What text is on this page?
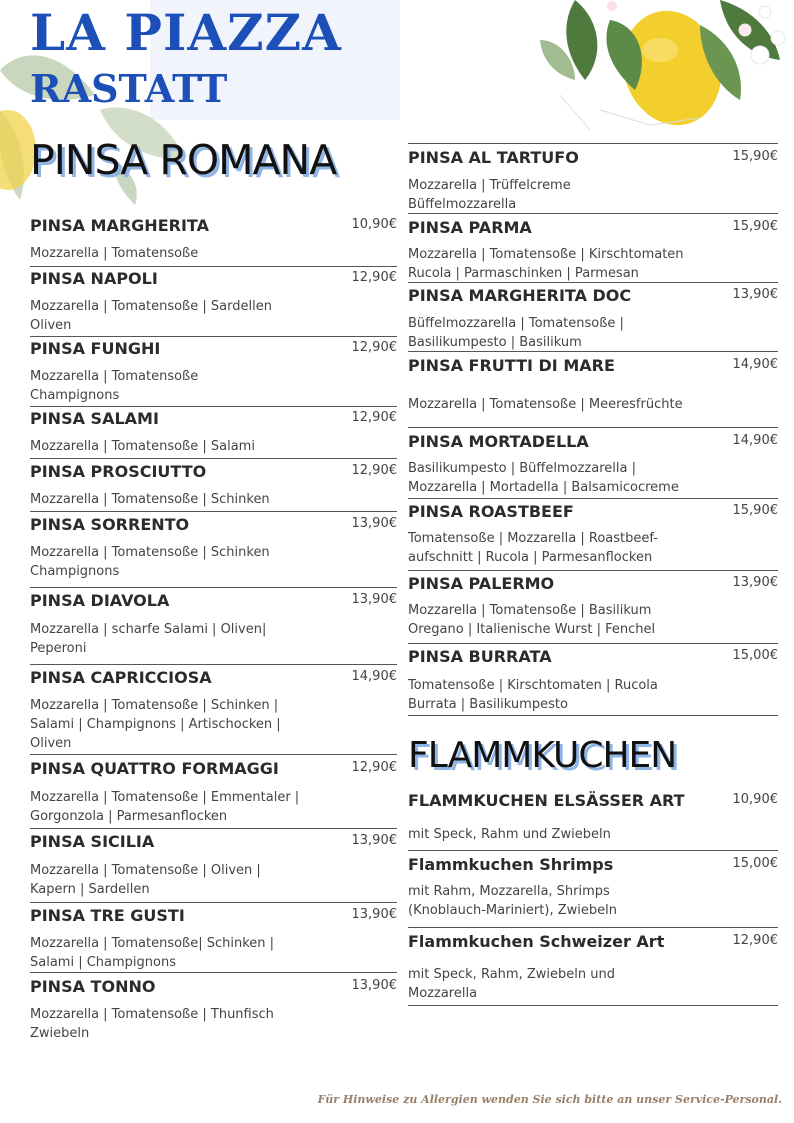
LA PIAZZA
RASTATT
PINSA ROMANA
FLAMMKUCHEN
PINSA MARGHERITA	10,90€
Mozzarella | Tomatensoße
PINSA NAPOLI	12,90€
Mozzarella | Tomatensoße | Sardellen
Oliven
PINSA FUNGHI	12,90€
Mozzarella | Tomatensoße
Champignons
PINSA SALAMI	12,90€
Mozzarella | Tomatensoße | Salami
PINSA PROSCIUTTO	12,90€
Mozzarella | Tomatensoße | Schinken
PINSA SORRENTO	13,90€
Mozzarella | Tomatensoße | Schinken
Champignons
PINSA DIAVOLA	13,90€
Mozzarella | scharfe Salami | Oliven|
Peperoni
PINSA CAPRICCIOSA	14,90€
Mozzarella | Tomatensoße | Schinken |
Salami | Champignons | Artischocken |
Oliven
PINSA QUATTRO FORMAGGI	12,90€
Mozzarella | Tomatensoße | Emmentaler |
Gorgonzola | Parmesanflocken
PINSA SICILIA	13,90€
Mozzarella | Tomatensoße | Oliven |
Kapern | Sardellen
PINSA TRE GUSTI	13,90€
Mozzarella | Tomatensoße| Schinken |
Salami | Champignons
PINSA TONNO	13,90€
Mozzarella | Tomatensoße | Thunfisch
Zwiebeln
PINSA AL TARTUFO	15,90€
Mozzarella | Trüffelcreme
Büffelmozzarella
PINSA PARMA	15,90€
Mozzarella | Tomatensoße | Kirschtomaten
Rucola | Parmaschinken | Parmesan
PINSA MARGHERITA DOC	13,90€
Büffelmozzarella | Tomatensoße |
Basilikumpesto | Basilikum
PINSA FRUTTI DI MARE	14,90€
Mozzarella | Tomatensoße | Meeresfrüchte
PINSA MORTADELLA	14,90€
Basilikumpesto | Büffelmozzarella |
Mozzarella | Mortadella | Balsamicocreme
PINSA ROASTBEEF	15,90€
Tomatensoße | Mozzarella | Roastbeef-
aufschnitt | Rucola | Parmesanflocken
PINSA PALERMO	13,90€
Mozzarella | Tomatensoße | Basilikum
Oregano | Italienische Wurst | Fenchel
PINSA BURRATA	15,00€
Tomatensoße | Kirschtomaten | Rucola
Burrata | Basilikumpesto
FLAMMKUCHEN ELSÄSSER ART	10,90€
mit Speck, Rahm und Zwiebeln
Flammkuchen Shrimps	15,00€
mit Rahm, Mozzarella, Shrimps
(Knoblauch-Mariniert), Zwiebeln
Flammkuchen Schweizer Art	12,90€
mit Speck, Rahm, Zwiebeln und
Mozzarella
Für Hinweise zu Allergien wenden Sie sich bitte an unser Service-Personal.
